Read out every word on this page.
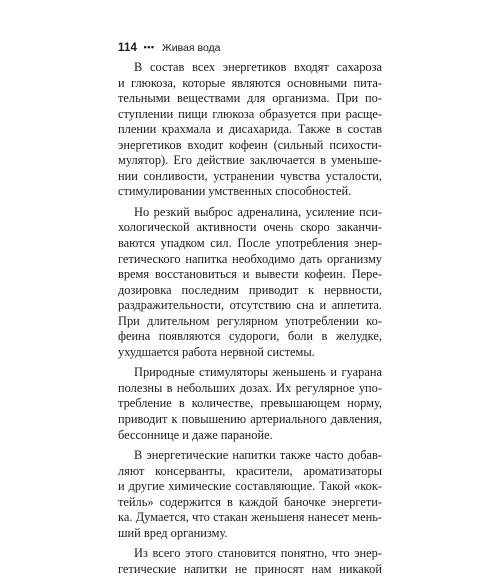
114 ••• Живая вода
В состав всех энергетиков входят сахароза
и глюкоза, которые являются основными пита-
тельными веществами для организма. При по-
ступлении пищи глюкоза образуется при расще-
плении крахмала и дисахарида. Также в состав
энергетиков входит кофеин (сильный психости-
мулятор). Его действие заключается в уменьше-
нии сонливости, устранении чувства усталости,
стимулировании умственных способностей.
Но резкий выброс адреналина, усиление пси-
хологической активности очень скоро заканчи-
ваются упадком сил. После употребления энер-
гетического напитка необходимо дать организму
время восстановиться и вывести кофеин. Пере-
дозировка последним приводит к нервности,
раздражительности, отсутствию сна и аппетита.
При длительном регулярном употреблении ко-
феина появляются судороги, боли в желудке,
ухудшается работа нервной системы.
Природные стимуляторы женьшень и гуарана
полезны в небольших дозах. Их регулярное упо-
требление в количестве, превышающем норму,
приводит к повышению артериального давления,
бессоннице и даже паранойе.
В энергетические напитки также часто добав-
ляют консерванты, красители, ароматизаторы
и другие химические составляющие. Такой «кок-
тейль» содержится в каждой баночке энергети-
ка. Думается, что стакан женьшеня нанесет мень-
ший вред организму.
Из всего этого становится понятно, что энер-
гетические напитки не приносят нам никакой
